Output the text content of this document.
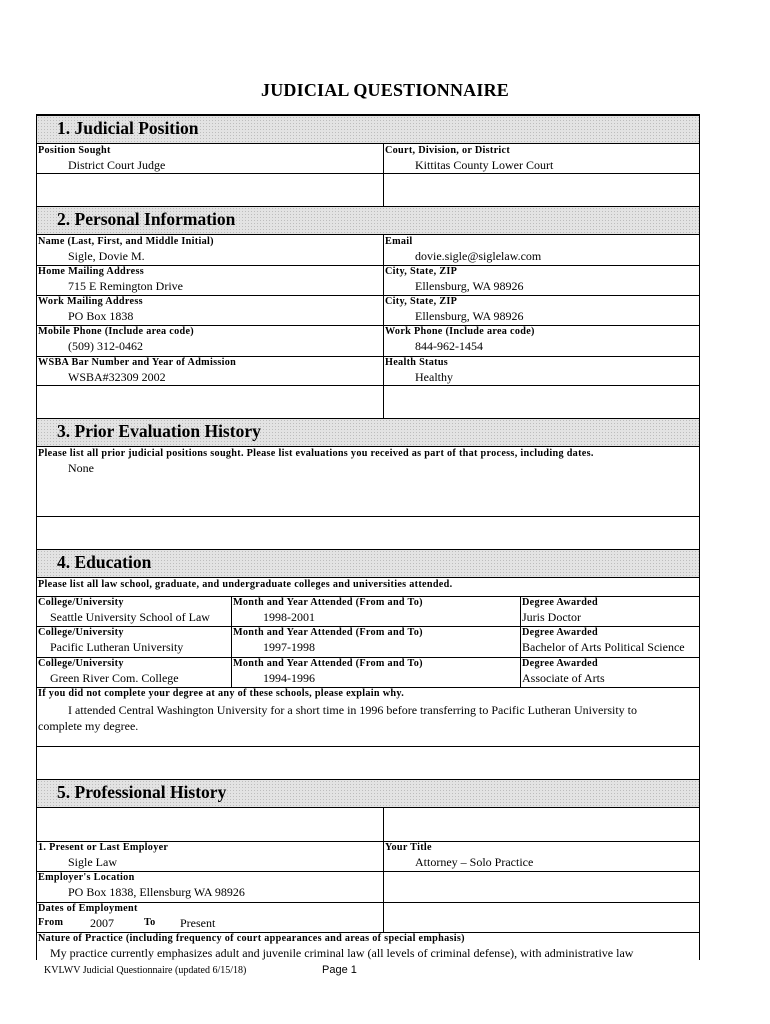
JUDICIAL QUESTIONNAIRE
1. Judicial Position
Position Sought
District Court Judge
Court, Division, or District
Kittitas County Lower Court
2. Personal Information
Name (Last, First, and Middle Initial)
Sigle, Dovie M.
Email
dovie.sigle@siglelaw.com
Home Mailing Address
715 E Remington Drive
City, State, ZIP
Ellensburg, WA 98926
Work Mailing Address
PO Box 1838
City, State, ZIP
Ellensburg, WA 98926
Mobile Phone (Include area code)
(509) 312-0462
Work Phone (Include area code)
844-962-1454
WSBA Bar Number and Year of Admission
WSBA#32309 2002
Health Status
Healthy
3. Prior Evaluation History
Please list all prior judicial positions sought. Please list evaluations you received as part of that process, including dates.
None
4. Education
Please list all law school, graduate, and undergraduate colleges and universities attended.
College/University
Seattle University School of Law
Month and Year Attended (From and To)
1998-2001
Degree Awarded
Juris Doctor
College/University
Pacific Lutheran University
Month and Year Attended (From and To)
1997-1998
Degree Awarded
Bachelor of Arts Political Science
College/University
Green River Com. College
Month and Year Attended (From and To)
1994-1996
Degree Awarded
Associate of Arts
If you did not complete your degree at any of these schools, please explain why.
I attended Central Washington University for a short time in 1996 before transferring to Pacific Lutheran University to complete my degree.
5. Professional History
1. Present or Last Employer
Sigle Law
Your Title
Attorney – Solo Practice
Employer's Location
PO Box 1838, Ellensburg WA 98926
Dates of Employment
From 2007	To Present
Nature of Practice (including frequency of court appearances and areas of special emphasis)
My practice currently emphasizes adult and juvenile criminal law (all levels of criminal defense), with administrative law
KVLWV Judicial Questionnaire (updated 6/15/18)	Page 1
